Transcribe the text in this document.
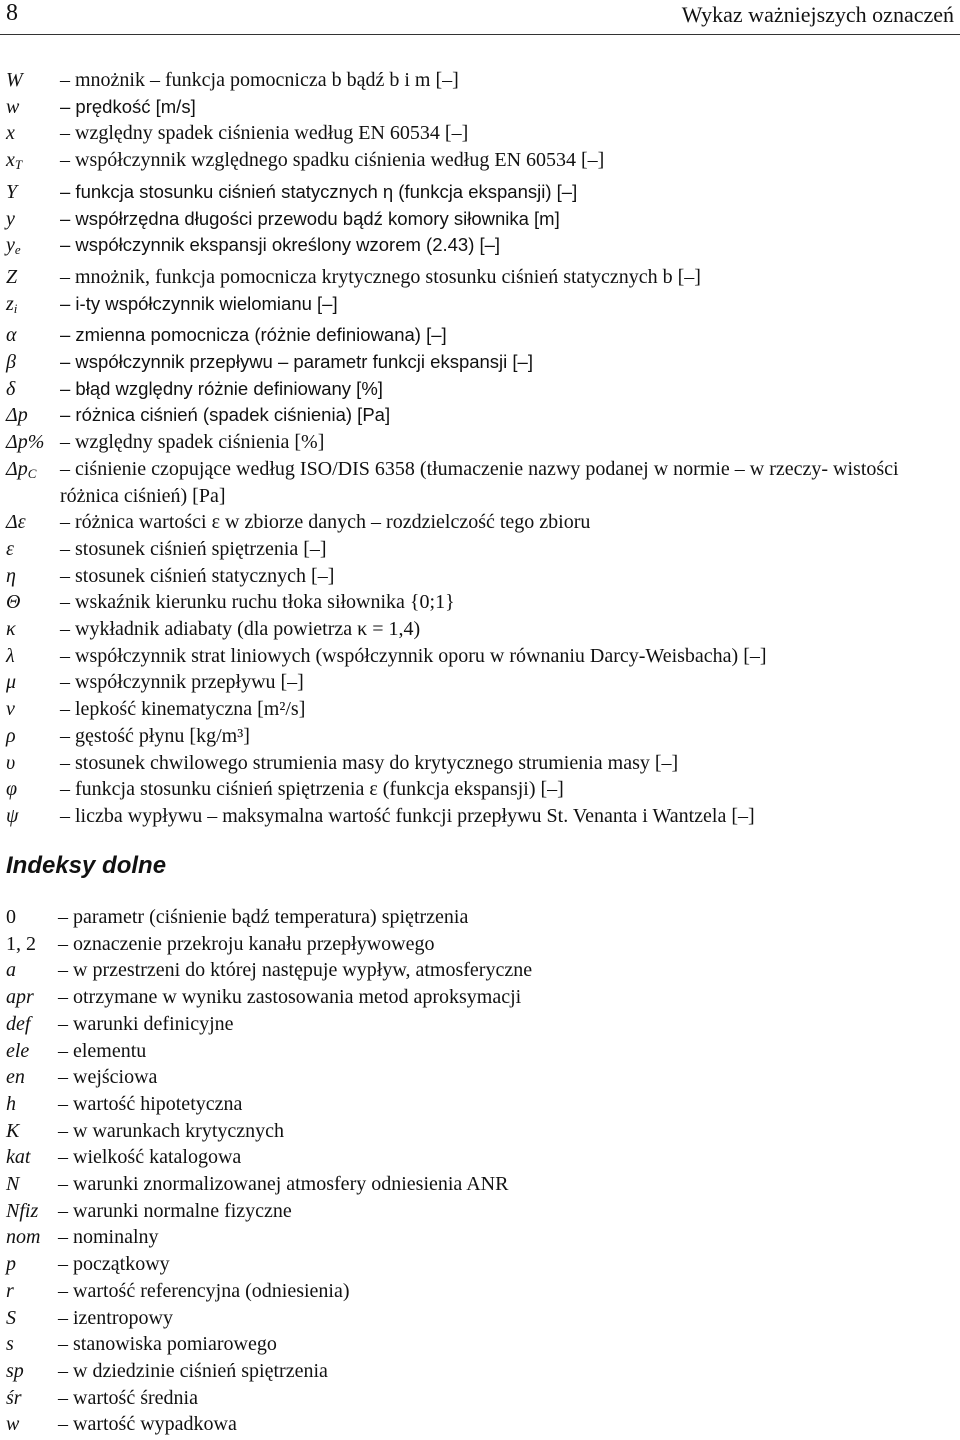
8	Wykaz ważniejszych oznaczeń
W	– mnożnik – funkcja pomocnicza b bądź b i m [–]
w	– prędkość [m/s]
x	– względny spadek ciśnienia według EN 60534 [–]
$x_T$	– współczynnik względnego spadku ciśnienia według EN 60534 [–]
Y	– funkcja stosunku ciśnień statycznych η (funkcja ekspansji) [–]
y	– współrzędna długości przewodu bądź komory siłownika [m]
$y_e$	– współczynnik ekspansji określony wzorem (2.43) [–]
Z	– mnożnik, funkcja pomocnicza krytycznego stosunku ciśnień statycznych b [–]
$z_i$	– i-ty współczynnik wielomianu [–]
α	– zmienna pomocnicza (różnie definiowana) [–]
β	– współczynnik przepływu – parametr funkcji ekspansji [–]
δ	– błąd względny różnie definiowany [%]
Δp	– różnica ciśnień (spadek ciśnienia) [Pa]
Δp% – względny spadek ciśnienia [%]
$\Delta p_C$	– ciśnienie czopujące według ISO/DIS 6358 (tłumaczenie nazwy podanej w normie – w rzeczy- wistości różnica ciśnień) [Pa]
Δε	– różnica wartości ε w zbiorze danych – rozdzielczość tego zbioru
ε	– stosunek ciśnień spiętrzenia [–]
η	– stosunek ciśnień statycznych [–]
Θ	– wskaźnik kierunku ruchu tłoka siłownika {0;1}
κ	– wykładnik adiabaty (dla powietrza κ = 1,4)
λ	– współczynnik strat liniowych (współczynnik oporu w równaniu Darcy-Weisbacha) [–]
μ	– współczynnik przepływu [–]
ν	– lepkość kinematyczna [m²/s]
ρ	– gęstość płynu [kg/m³]
υ	– stosunek chwilowego strumienia masy do krytycznego strumienia masy [–]
φ	– funkcja stosunku ciśnień spiętrzenia ε (funkcja ekspansji) [–]
ψ	– liczba wypływu – maksymalna wartość funkcji przepływu St. Venanta i Wantzela [–]
Indeksy dolne
0	– parametr (ciśnienie bądź temperatura) spiętrzenia
1, 2	– oznaczenie przekroju kanału przepływowego
a	– w przestrzeni do której następuje wypływ, atmosferyczne
apr	– otrzymane w wyniku zastosowania metod aproksymacji
def	– warunki definicyjne
ele	– elementu
en	– wejściowa
h	– wartość hipotetyczna
K	– w warunkach krytycznych
kat	– wielkość katalogowa
N	– warunki znormalizowanej atmosfery odniesienia ANR
Nfiz – warunki normalne fizyczne
nom – nominalny
p	– początkowy
r	– wartość referencyjna (odniesienia)
S	– izentropowy
s	– stanowiska pomiarowego
sp	– w dziedzinie ciśnień spiętrzenia
śr	– wartość średnia
w	– wartość wypadkowa
